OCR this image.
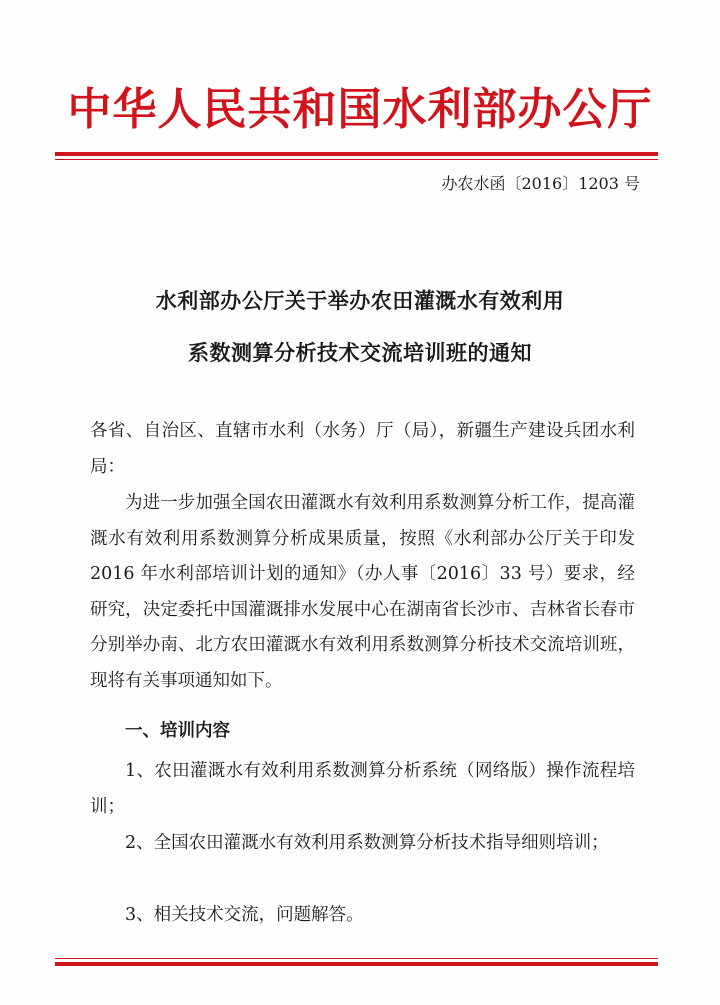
中华人民共和国水利部办公厅
办农水函〔2016〕1203 号
水利部办公厅关于举办农田灌溉水有效利用
系数测算分析技术交流培训班的通知
各省、自治区、直辖市水利（水务）厅（局），新疆生产建设兵团水利局：
为进一步加强全国农田灌溉水有效利用系数测算分析工作，提高灌溉水有效利用系数测算分析成果质量，按照《水利部办公厅关于印发 2016 年水利部培训计划的通知》（办人事〔2016〕33 号）要求，经研究，决定委托中国灌溉排水发展中心在湖南省长沙市、吉林省长春市分别举办南、北方农田灌溉水有效利用系数测算分析技术交流培训班，现将有关事项通知如下。
一、培训内容
1、农田灌溉水有效利用系数测算分析系统（网络版）操作流程培训；
2、全国农田灌溉水有效利用系数测算分析技术指导细则培训；
3、相关技术交流，问题解答。
